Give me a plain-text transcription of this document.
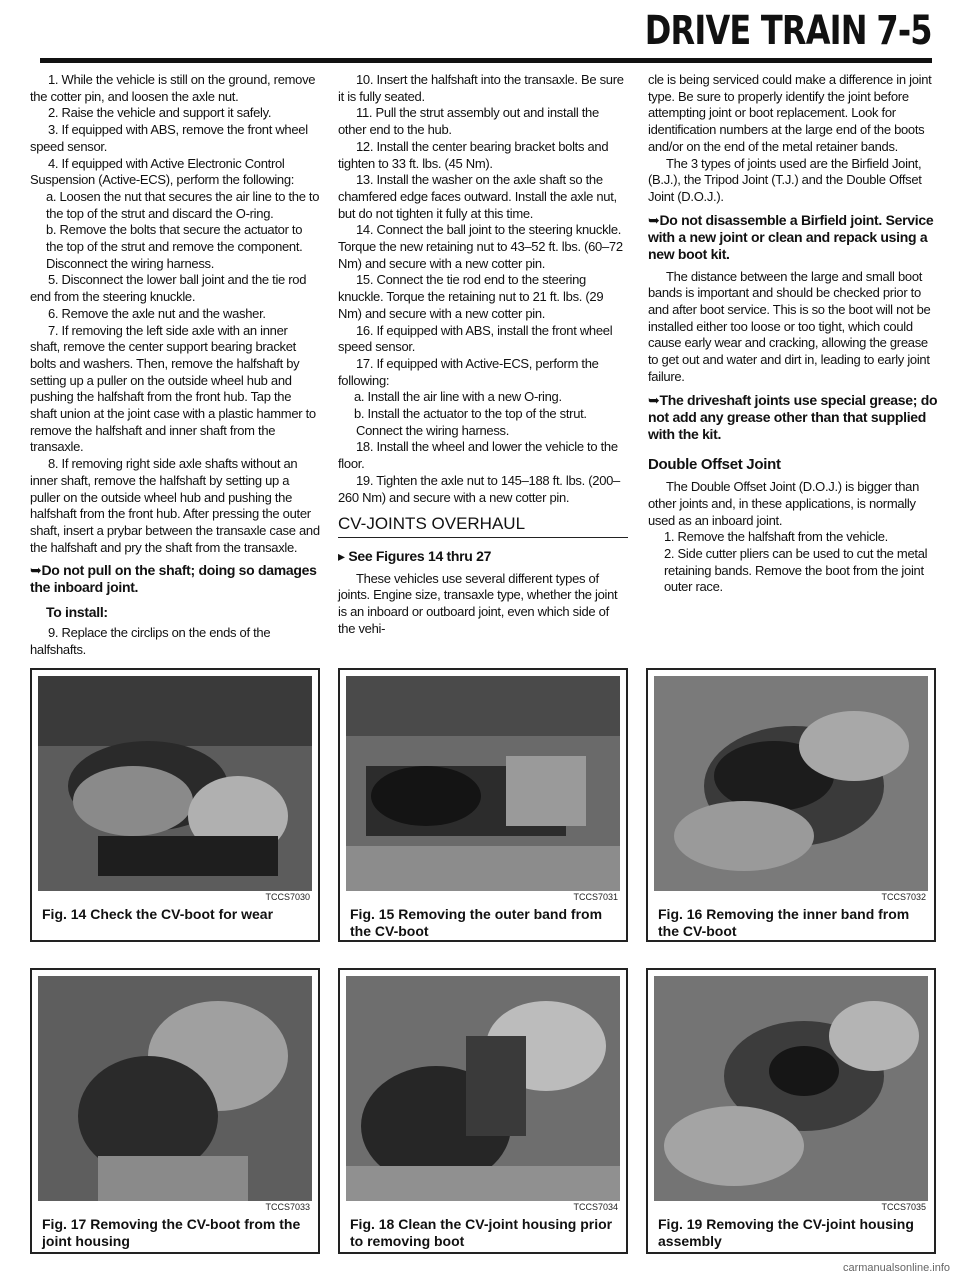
DRIVE TRAIN 7-5

1. While the vehicle is still on the ground, remove the cotter pin, and loosen the axle nut.

2. Raise the vehicle and support it safely.

3. If equipped with ABS, remove the front wheel speed sensor.

4. If equipped with Active Electronic Control Suspension (Active-ECS), perform the following:

a. Loosen the nut that secures the air line to the to the top of the strut and discard the O-ring.

b. Remove the bolts that secure the actuator to the top of the strut and remove the component. Disconnect the wiring harness.

5. Disconnect the lower ball joint and the tie rod end from the steering knuckle.

6. Remove the axle nut and the washer.

7. If removing the left side axle with an inner shaft, remove the center support bearing bracket bolts and washers. Then, remove the halfshaft by setting up a puller on the outside wheel hub and pushing the halfshaft from the front hub. Tap the shaft union at the joint case with a plastic hammer to remove the halfshaft and inner shaft from the transaxle.

8. If removing right side axle shafts without an inner shaft, remove the halfshaft by setting up a puller on the outside wheel hub and pushing the halfshaft from the front hub. After pressing the outer shaft, insert a prybar between the transaxle case and the halfshaft and pry the shaft from the transaxle.

➥Do not pull on the shaft; doing so damages the inboard joint.

To install:

9. Replace the circlips on the ends of the halfshafts.

10. Insert the halfshaft into the transaxle. Be sure it is fully seated.

11. Pull the strut assembly out and install the other end to the hub.

12. Install the center bearing bracket bolts and tighten to 33 ft. lbs. (45 Nm).

13. Install the washer on the axle shaft so the chamfered edge faces outward. Install the axle nut, but do not tighten it fully at this time.

14. Connect the ball joint to the steering knuckle. Torque the new retaining nut to 43–52 ft. lbs. (60–72 Nm) and secure with a new cotter pin.

15. Connect the tie rod end to the steering knuckle. Torque the retaining nut to 21 ft. lbs. (29 Nm) and secure with a new cotter pin.

16. If equipped with ABS, install the front wheel speed sensor.

17. If equipped with Active-ECS, perform the following:

a. Install the air line with a new O-ring.

b. Install the actuator to the top of the strut.

Connect the wiring harness.

18. Install the wheel and lower the vehicle to the floor.

19. Tighten the axle nut to 145–188 ft. lbs. (200–260 Nm) and secure with a new cotter pin.

CV-JOINTS OVERHAUL

▸ See Figures 14 thru 27

These vehicles use several different types of joints. Engine size, transaxle type, whether the joint is an inboard or outboard joint, even which side of the vehi-

cle is being serviced could make a difference in joint type. Be sure to properly identify the joint before attempting joint or boot replacement. Look for identification numbers at the large end of the boots and/or on the end of the metal retainer bands.

The 3 types of joints used are the Birfield Joint, (B.J.), the Tripod Joint (T.J.) and the Double Offset Joint (D.O.J.).

➥Do not disassemble a Birfield joint. Service with a new joint or clean and repack using a new boot kit.

The distance between the large and small boot bands is important and should be checked prior to and after boot service. This is so the boot will not be installed either too loose or too tight, which could cause early wear and cracking, allowing the grease to get out and water and dirt in, leading to early joint failure.

➥The driveshaft joints use special grease; do not add any grease other than that supplied with the kit.

Double Offset Joint

The Double Offset Joint (D.O.J.) is bigger than other joints and, in these applications, is normally used as an inboard joint.

1. Remove the halfshaft from the vehicle.

2. Side cutter pliers can be used to cut the metal retaining bands. Remove the boot from the joint outer race.

TCCS7030
Fig. 14 Check the CV-boot for wear
TCCS7031
Fig. 15 Removing the outer band from the CV-boot
TCCS7032
Fig. 16 Removing the inner band from the CV-boot
TCCS7033
Fig. 17 Removing the CV-boot from the joint housing
TCCS7034
Fig. 18 Clean the CV-joint housing prior to removing boot
TCCS7035
Fig. 19 Removing the CV-joint housing assembly
carmanualsonline.info
